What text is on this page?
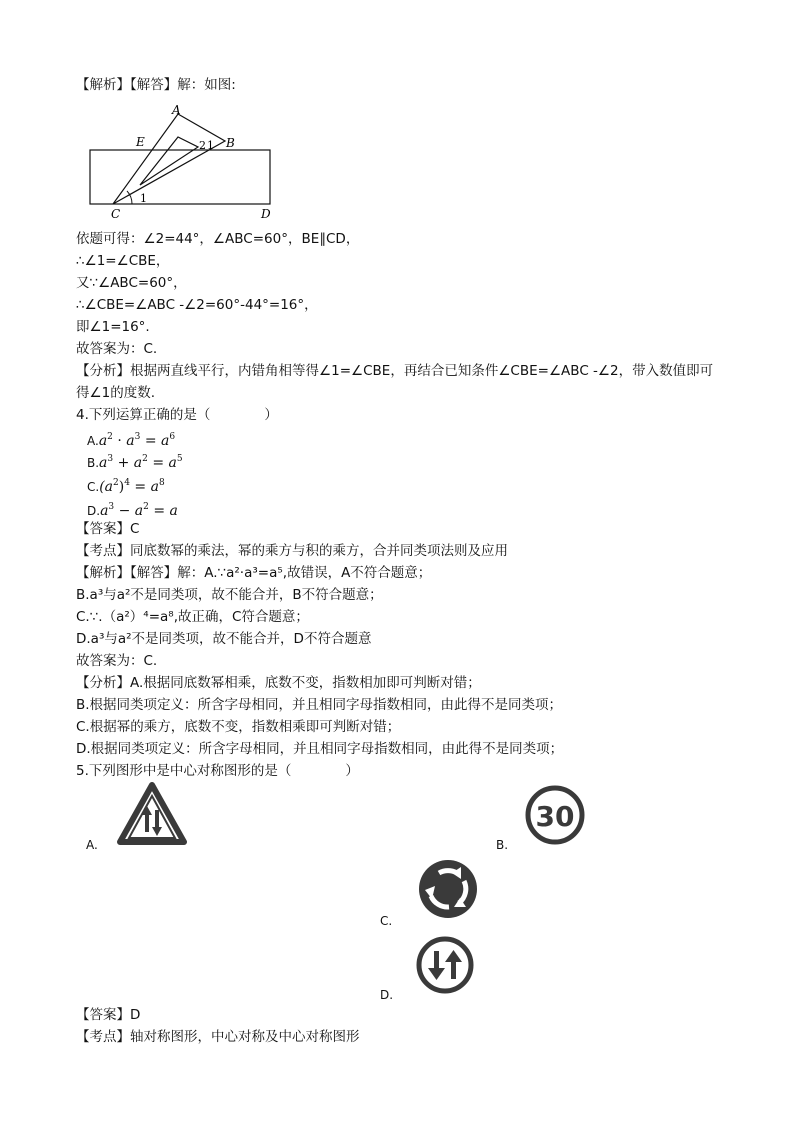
【解析】【解答】解：如图:
A
E	B
C	D
1
2 1
依题可得：∠2=44°，∠ABC=60°，BE∥CD，
∴∠1=∠CBE，
又∵∠ABC=60°，
∴∠CBE=∠ABC -∠2=60°-44°=16°，
即∠1=16°.
故答案为：C.
【分析】根据两直线平行，内错角相等得∠1=∠CBE，再结合已知条件∠CBE=∠ABC -∠2，带入数值即可
得∠1的度数.
4.下列运算正确的是（　　　　）
$A.a^2 \cdot a^3 = a^6$
$B.a^3 + a^2 = a^5$
$C.(a^2)^4 = a^8$
$D.a^3 - a^2 = a$
【答案】C
【考点】同底数幂的乘法，幂的乘方与积的乘方，合并同类项法则及应用
【解析】【解答】解：A.∵a²·a³=a⁵,故错误，A不符合题意；
B.a³与a²不是同类项，故不能合并，B不符合题意；
C.∵.（a²）⁴=a⁸,故正确，C符合题意；
D.a³与a²不是同类项，故不能合并，D不符合题意
故答案为：C.
【分析】A.根据同底数幂相乘，底数不变，指数相加即可判断对错；
B.根据同类项定义：所含字母相同，并且相同字母指数相同，由此得不是同类项；
C.根据幂的乘方，底数不变，指数相乘即可判断对错；
D.根据同类项定义：所含字母相同，并且相同字母指数相同，由此得不是同类项；
5.下列图形中是中心对称图形的是（　　　　）
A.
30
B.
C.
D.
【答案】D
【考点】轴对称图形，中心对称及中心对称图形
